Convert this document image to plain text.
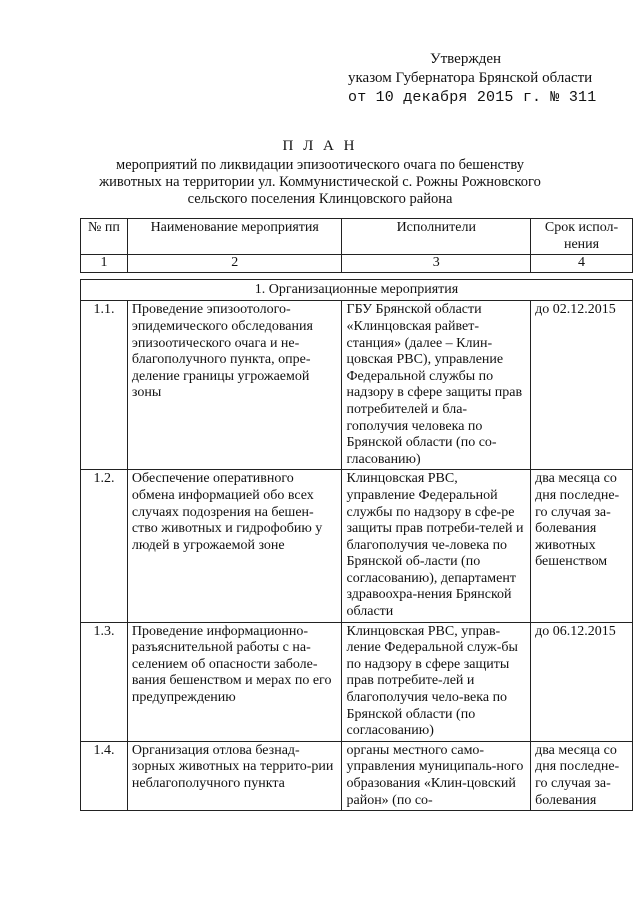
Утвержден
указом Губернатора Брянской области
от 10 декабря 2015 г. № 311
П Л А Н
мероприятий по ликвидации эпизоотического очага по бешенству животных на территории ул. Коммунистической с. Рожны Рожновского сельского поселения Клинцовского района
№ пп	Наименование мероприятия	Исполнители	Срок испол-нения
1	2	3	4

1. Организационные мероприятия			
1.1.	Проведение эпизоотолого-эпидемического обследования эпизоотического очага и не-благополучного пункта, опре-деление границы угрожаемой зоны	ГБУ Брянской области «Клинцовская райвет-станция» (далее – Клин-цовская РВС), управление Федеральной службы по надзору в сфере защиты прав потребителей и бла-гополучия человека по Брянской области (по со-гласованию)	до 02.12.2015
1.2.	Обеспечение оперативного обмена информацией обо всех случаях подозрения на бешен-ство животных и гидрофобию у людей в угрожаемой зоне	Клинцовская РВС, управление Федеральной службы по надзору в сфе-ре защиты прав потреби-телей и благополучия че-ловека по Брянской об-ласти (по согласованию), департамент здравоохра-нения Брянской области	два месяца со дня последне-го случая за-болевания животных бешенством
1.3.	Проведение информационно-разъяснительной работы с на-селением об опасности заболе-вания бешенством и мерах по его предупреждению	Клинцовская РВС, управ-ление Федеральной служ-бы по надзору в сфере защиты прав потребите-лей и благополучия чело-века по Брянской области (по согласованию)	до 06.12.2015
1.4.	Организация отлова безнад-зорных животных на террито-рии неблагополучного пункта	органы местного само-управления муниципаль-ного образования «Клин-цовский район» (по со-	два месяца со дня последне-го случая за-болевания
